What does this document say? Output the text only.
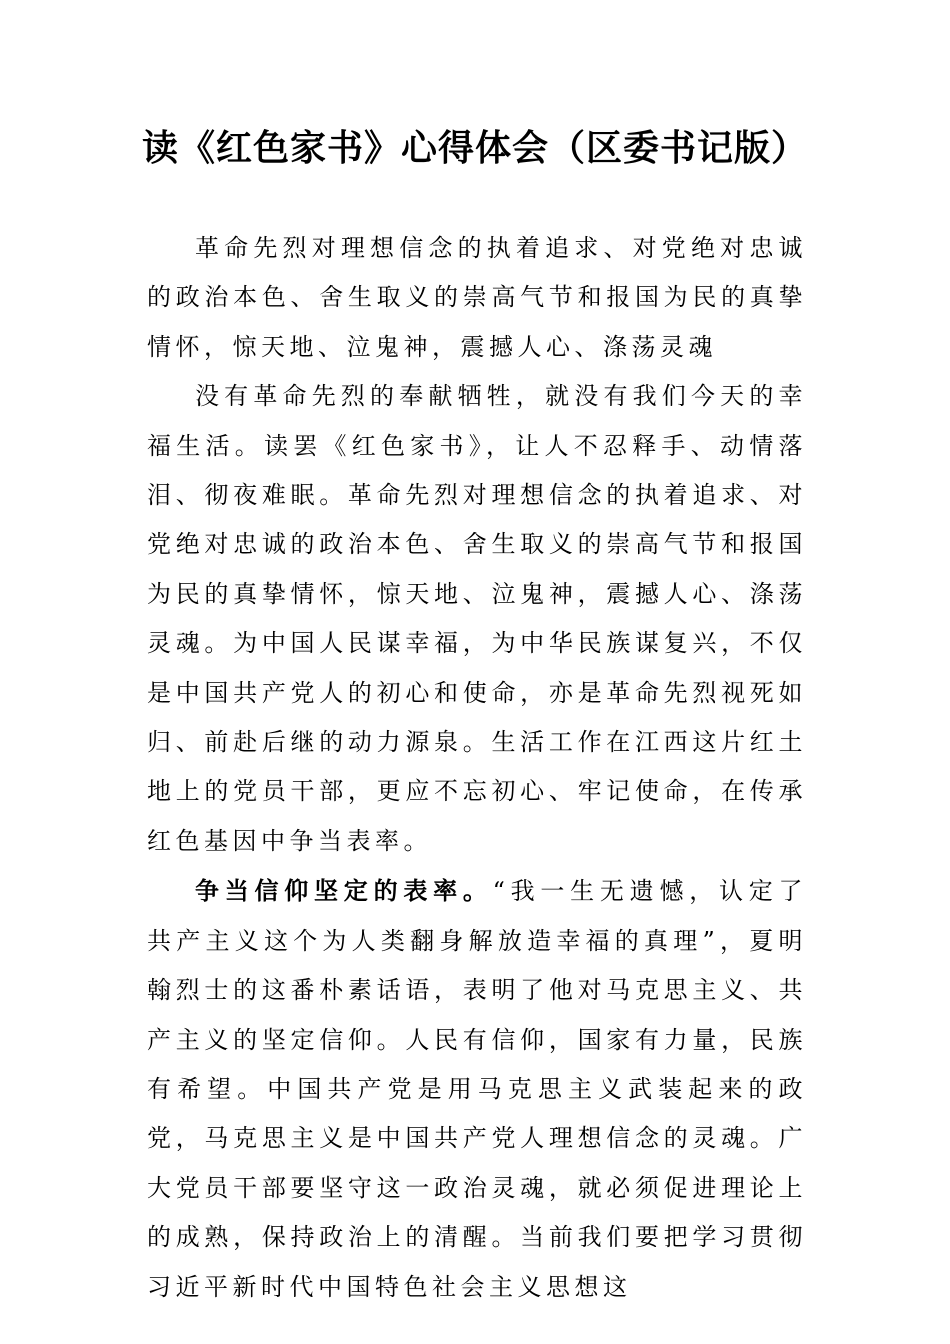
读《红色家书》心得体会（区委书记版）

革命先烈对理想信念的执着追求、对党绝对忠诚的政治本色、舍生取义的崇高气节和报国为民的真挚情怀，惊天地、泣鬼神，震撼人心、涤荡灵魂

没有革命先烈的奉献牺牲，就没有我们今天的幸福生活。读罢《红色家书》，让人不忍释手、动情落泪、彻夜难眠。革命先烈对理想信念的执着追求、对党绝对忠诚的政治本色、舍生取义的崇高气节和报国为民的真挚情怀，惊天地、泣鬼神，震撼人心、涤荡灵魂。为中国人民谋幸福，为中华民族谋复兴，不仅是中国共产党人的初心和使命，亦是革命先烈视死如归、前赴后继的动力源泉。生活工作在江西这片红土地上的党员干部，更应不忘初心、牢记使命，在传承红色基因中争当表率。

争当信仰坚定的表率。“我一生无遗憾，认定了共产主义这个为人类翻身解放造幸福的真理”，夏明翰烈士的这番朴素话语，表明了他对马克思主义、共产主义的坚定信仰。人民有信仰，国家有力量，民族有希望。中国共产党是用马克思主义武装起来的政党，马克思主义是中国共产党人理想信念的灵魂。广大党员干部要坚守这一政治灵魂，就必须促进理论上的成熟，保持政治上的清醒。当前我们要把学习贯彻习近平新时代中国特色社会主义思想这
